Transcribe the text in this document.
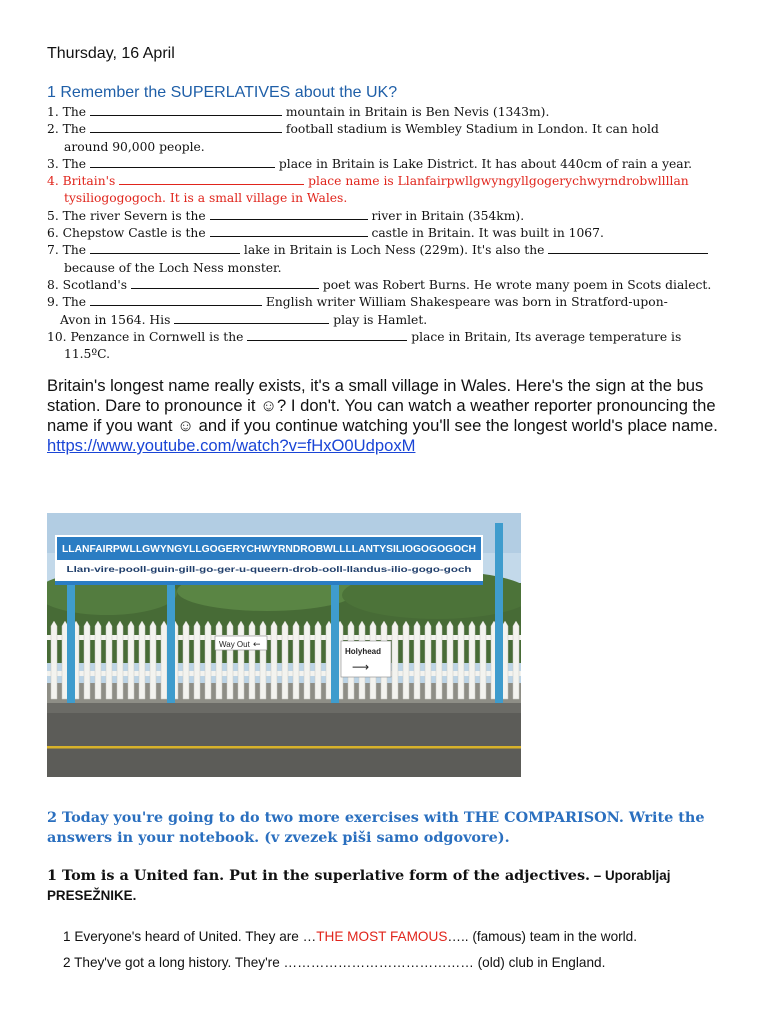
Thursday, 16 April
1 Remember the SUPERLATIVES about the UK?
1. The	mountain in Britain is Ben Nevis (1343m).
2. The	football stadium is Wembley Stadium in London. It can hold
around 90,000 people.
3. The	place in Britain is Lake District. It has about 440cm of rain a year.
4. Britain's	place name is Llanfairpwllgwyngyllgogerychwyrndrobwllllan
tysiliogogogoch. It is a small village in Wales.
5. The river Severn is the	river in Britain (354km).
6. Chepstow Castle is the	castle in Britain. It was built in 1067.
7. The	lake in Britain is Loch Ness (229m). It's also the
because of the Loch Ness monster.
8. Scotland's	poet was Robert Burns. He wrote many poem in Scots dialect.
9. The	English writer William Shakespeare was born in Stratford-upon-
Avon in 1564. His	play is Hamlet.
10. Penzance in Cornwell is the	place in Britain, Its average temperature is
11.5ºC.
Britain's longest name really exists, it's a small village in Wales. Here's the sign at the bus station. Dare to pronounce it ☺? I don't. You can watch a weather reporter pronouncing the name if you want ☺ and if you continue watching you'll see the longest world's place name.
https://www.youtube.com/watch?v=fHxO0UdpoxM
LLANFAIRPWLLGWYNGYLLGOGERYCHWYRNDROBWLLLLANTYSILIOGOGOGOCH
Llan-vire-pooll-guin-gill-go-ger-u-queern-drob-ooll-llandus-ilio-gogo-goch
Way Out ←
Holyhead
⟶
2 Today you're going to do two more exercises with THE COMPARISON. Write the answers in your notebook. (v zvezek piši samo odgovore).
1 Tom is a United fan. Put in the superlative form of the adjectives. – Uporabljaj PRESEŽNIKE.
1 Everyone's heard of United. They are …THE MOST FAMOUS….. (famous) team in the world.
2 They've got a long history. They're …………………………………… (old) club in England.
